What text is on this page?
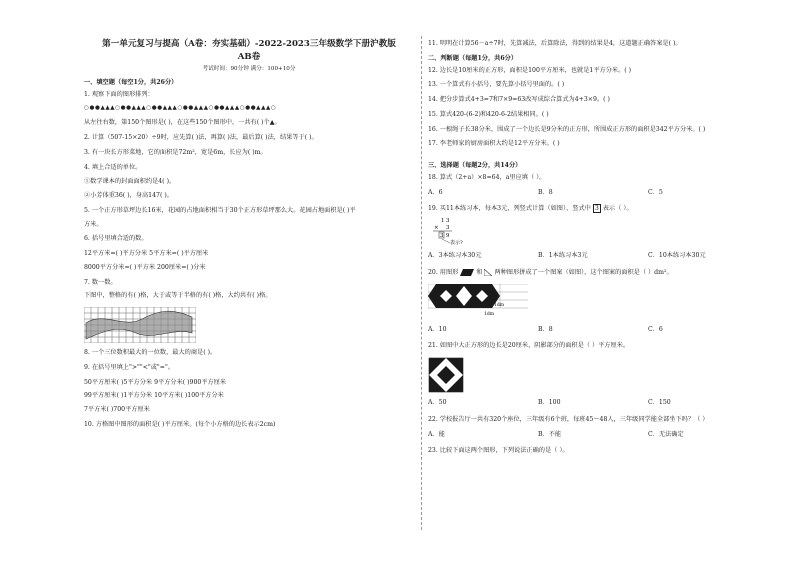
第一单元复习与提高（A卷：夯实基础）-2022-2023三年级数学下册沪教版
AB卷
考试时间：90分钟 满分：100+10分
一、填空题（每空1分，共26分）
1. 观察下面的图形排列：
○●●▲▲▲○●●▲▲▲○●●▲▲▲○●●▲▲▲○●●▲▲▲○●●▲▲▲○
从左往右数，第150个图形是( )，在这些150个图形中，一共有( )个▲。
2. 计算（507-15×20）÷9时，应先算( )法，再算( )法，最后算( )法，结果等于( )。
3. 有一块长方形菜地，它的面积是72m²，宽是6m，长应为( )m。
4. 填上合适的单位。
①数学课本的封面面积约是4( )。
②小芳体重36( )，身高147( )。
5. 一个正方形草坪边长16米，花园的占地面积相当于30个正方形草坪那么大。花园占地面积是( )平
方米。
6. 括号里填合适的数。
12平方米=( )平方分米 5平方米=( )平方厘米
8000平方分米=( )平方米 200厘米=( )分米
7. 数一数。
下图中，整格的有( )格，大于或等于半格的有( )格，大约共有( )格。
8. 一个三位数积最大的一位数，最大的商是( )。
9. 在括号里填上">""<"或"="。
50平方厘米( )5平方分米 9平方分米( )900平方厘米
99平方厘米( )1平方分米 10平方米( )100平方分米
7平方米( )700平方厘米
10. 方格图中图形的面积是( )平方厘米。(每个小方格的边长表示2cm)
11. 明明在计算56－a÷7时，先算减法，后算除法，得到的结果是4，这道题正确答案是( )。
二、判断题（每题1分，共6分）
12. 边长是10厘米的正方形，面积是100平方厘米，也就是1平方分米。( )
13. 一个算式有小括号，要先算小括号里面的。( )
14. 把分步算式4+3=7和7×9=63改写成综合算式为4+3×9。( )
15. 算式420-(6-2)和420-6-2结果相同。( )
16. 一根绳子长38分米，围成了一个边长是9分米的正方形，所围成正方形的面积是342平方分米。( )
17. 李老师家的厨房面积大约是12平方分米。( )
三、选择题（每题2分，共14分）
18. 算式（2+a）×8=64，a里应填（ ）。
A．6	B．8	C．5
19. 买11本练习本，每本3元，列竖式计算（如图），竖式中 3 表示（ ）。
1 3
× 3
3 9
表示?
A．3本练习本30元	B．1本练习本3元	C．10本练习本30元
20. 用图形	和 两种图形拼成了一个图案（如图），这个图案的面积是（ ）dm²。
1dm
1dm
A．10	B．8	C．6
21. 如图中大正方形的边长是20厘米，阴影部分的面积是（ ）平方厘米。
A．50	B．100	C．150
22. 学校报告厅一共有320个座位，三年级有6个班，每班45～48人，三年级同学能全部坐下吗？（ ）
A．能	B．不能	C．无法确定
23. 比较下面这两个图形，下列说法正确的是（ ）。
